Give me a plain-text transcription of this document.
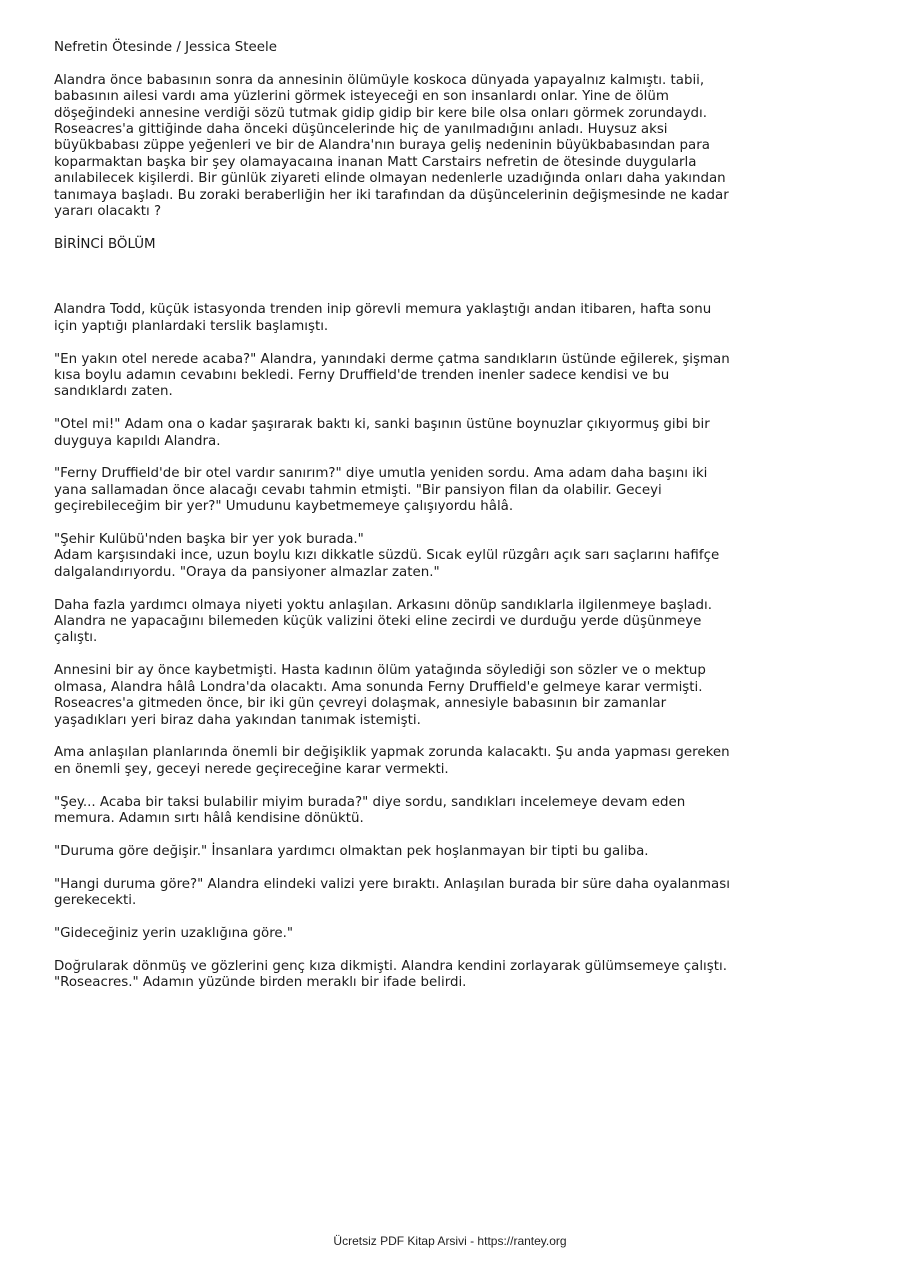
Nefretin Ötesinde / Jessica Steele

Alandra önce babasının sonra da annesinin ölümüyle koskoca dünyada yapayalnız kalmıştı. tabii, babasının ailesi vardı ama yüzlerini görmek isteyeceği en son insanlardı onlar. Yine de ölüm döşeğindeki annesine verdiği sözü tutmak gidip gidip bir kere bile olsa onları görmek zorundaydı. Roseacres'a gittiğinde daha önceki düşüncelerinde hiç de yanılmadığını anladı. Huysuz aksi büyükbabası züppe yeğenleri ve bir de Alandra'nın buraya geliş nedeninin büyükbabasından para koparmaktan başka bir şey olamayacaına inanan Matt Carstairs nefretin de ötesinde duygularla anılabilecek kişilerdi. Bir günlük ziyareti elinde olmayan nedenlerle uzadığında onları daha yakından tanımaya başladı. Bu zoraki beraberliğin her iki tarafından da düşüncelerinin değişmesinde ne kadar yararı olacaktı ?

BİRİNCİ BÖLÜM

Alandra Todd, küçük istasyonda trenden inip görevli memura yaklaştığı andan itibaren, hafta sonu için yaptığı planlardaki terslik başlamıştı.

"En yakın otel nerede acaba?" Alandra, yanındaki derme çatma sandıkların üstünde eğilerek, şişman kısa boylu adamın cevabını bekledi. Ferny Druffield'de trenden inenler sadece kendisi ve bu sandıklardı zaten.

"Otel mi!" Adam ona o kadar şaşırarak baktı ki, sanki başının üstüne boynuzlar çıkıyormuş gibi bir duyguya kapıldı Alandra.

"Ferny Druffield'de bir otel vardır sanırım?" diye umutla yeniden sordu. Ama adam daha başını iki yana sallamadan önce alacağı cevabı tahmin etmişti. "Bir pansiyon filan da olabilir. Geceyi geçirebileceğim bir yer?" Umudunu kaybetmemeye çalışıyordu hâlâ.

"Şehir Kulübü'nden başka bir yer yok burada."
Adam karşısındaki ince, uzun boylu kızı dikkatle süzdü. Sıcak eylül rüzgârı açık sarı saçlarını hafifçe dalgalandırıyordu. "Oraya da pansiyoner almazlar zaten."

Daha fazla yardımcı olmaya niyeti yoktu anlaşılan. Arkasını dönüp sandıklarla ilgilenmeye başladı. Alandra ne yapacağını bilemeden küçük valizini öteki eline zecirdi ve durduğu yerde düşünmeye çalıştı.

Annesini bir ay önce kaybetmişti. Hasta kadının ölüm yatağında söylediği son sözler ve o mektup olmasa, Alandra hâlâ Londra'da olacaktı. Ama sonunda Ferny Druffield'e gelmeye karar vermişti. Roseacres'a gitmeden önce, bir iki gün çevreyi dolaşmak, annesiyle babasının bir zamanlar yaşadıkları yeri biraz daha yakından tanımak istemişti.

Ama anlaşılan planlarında önemli bir değişiklik yapmak zorunda kalacaktı. Şu anda yapması gereken en önemli şey, geceyi nerede geçireceğine karar vermekti.

"Şey... Acaba bir taksi bulabilir miyim burada?" diye sordu, sandıkları incelemeye devam eden memura. Adamın sırtı hâlâ kendisine dönüktü.

"Duruma göre değişir." İnsanlara yardımcı olmaktan pek hoşlanmayan bir tipti bu galiba.

"Hangi duruma göre?" Alandra elindeki valizi yere bıraktı. Anlaşılan burada bir süre daha oyalanması gerekecekti.

"Gideceğiniz yerin uzaklığına göre."

Doğrularak dönmüş ve gözlerini genç kıza dikmişti. Alandra kendini zorlayarak gülümsemeye çalıştı. "Roseacres." Adamın yüzünde birden meraklı bir ifade belirdi.

Ücretsiz PDF Kitap Arsivi - https://rantey.org
